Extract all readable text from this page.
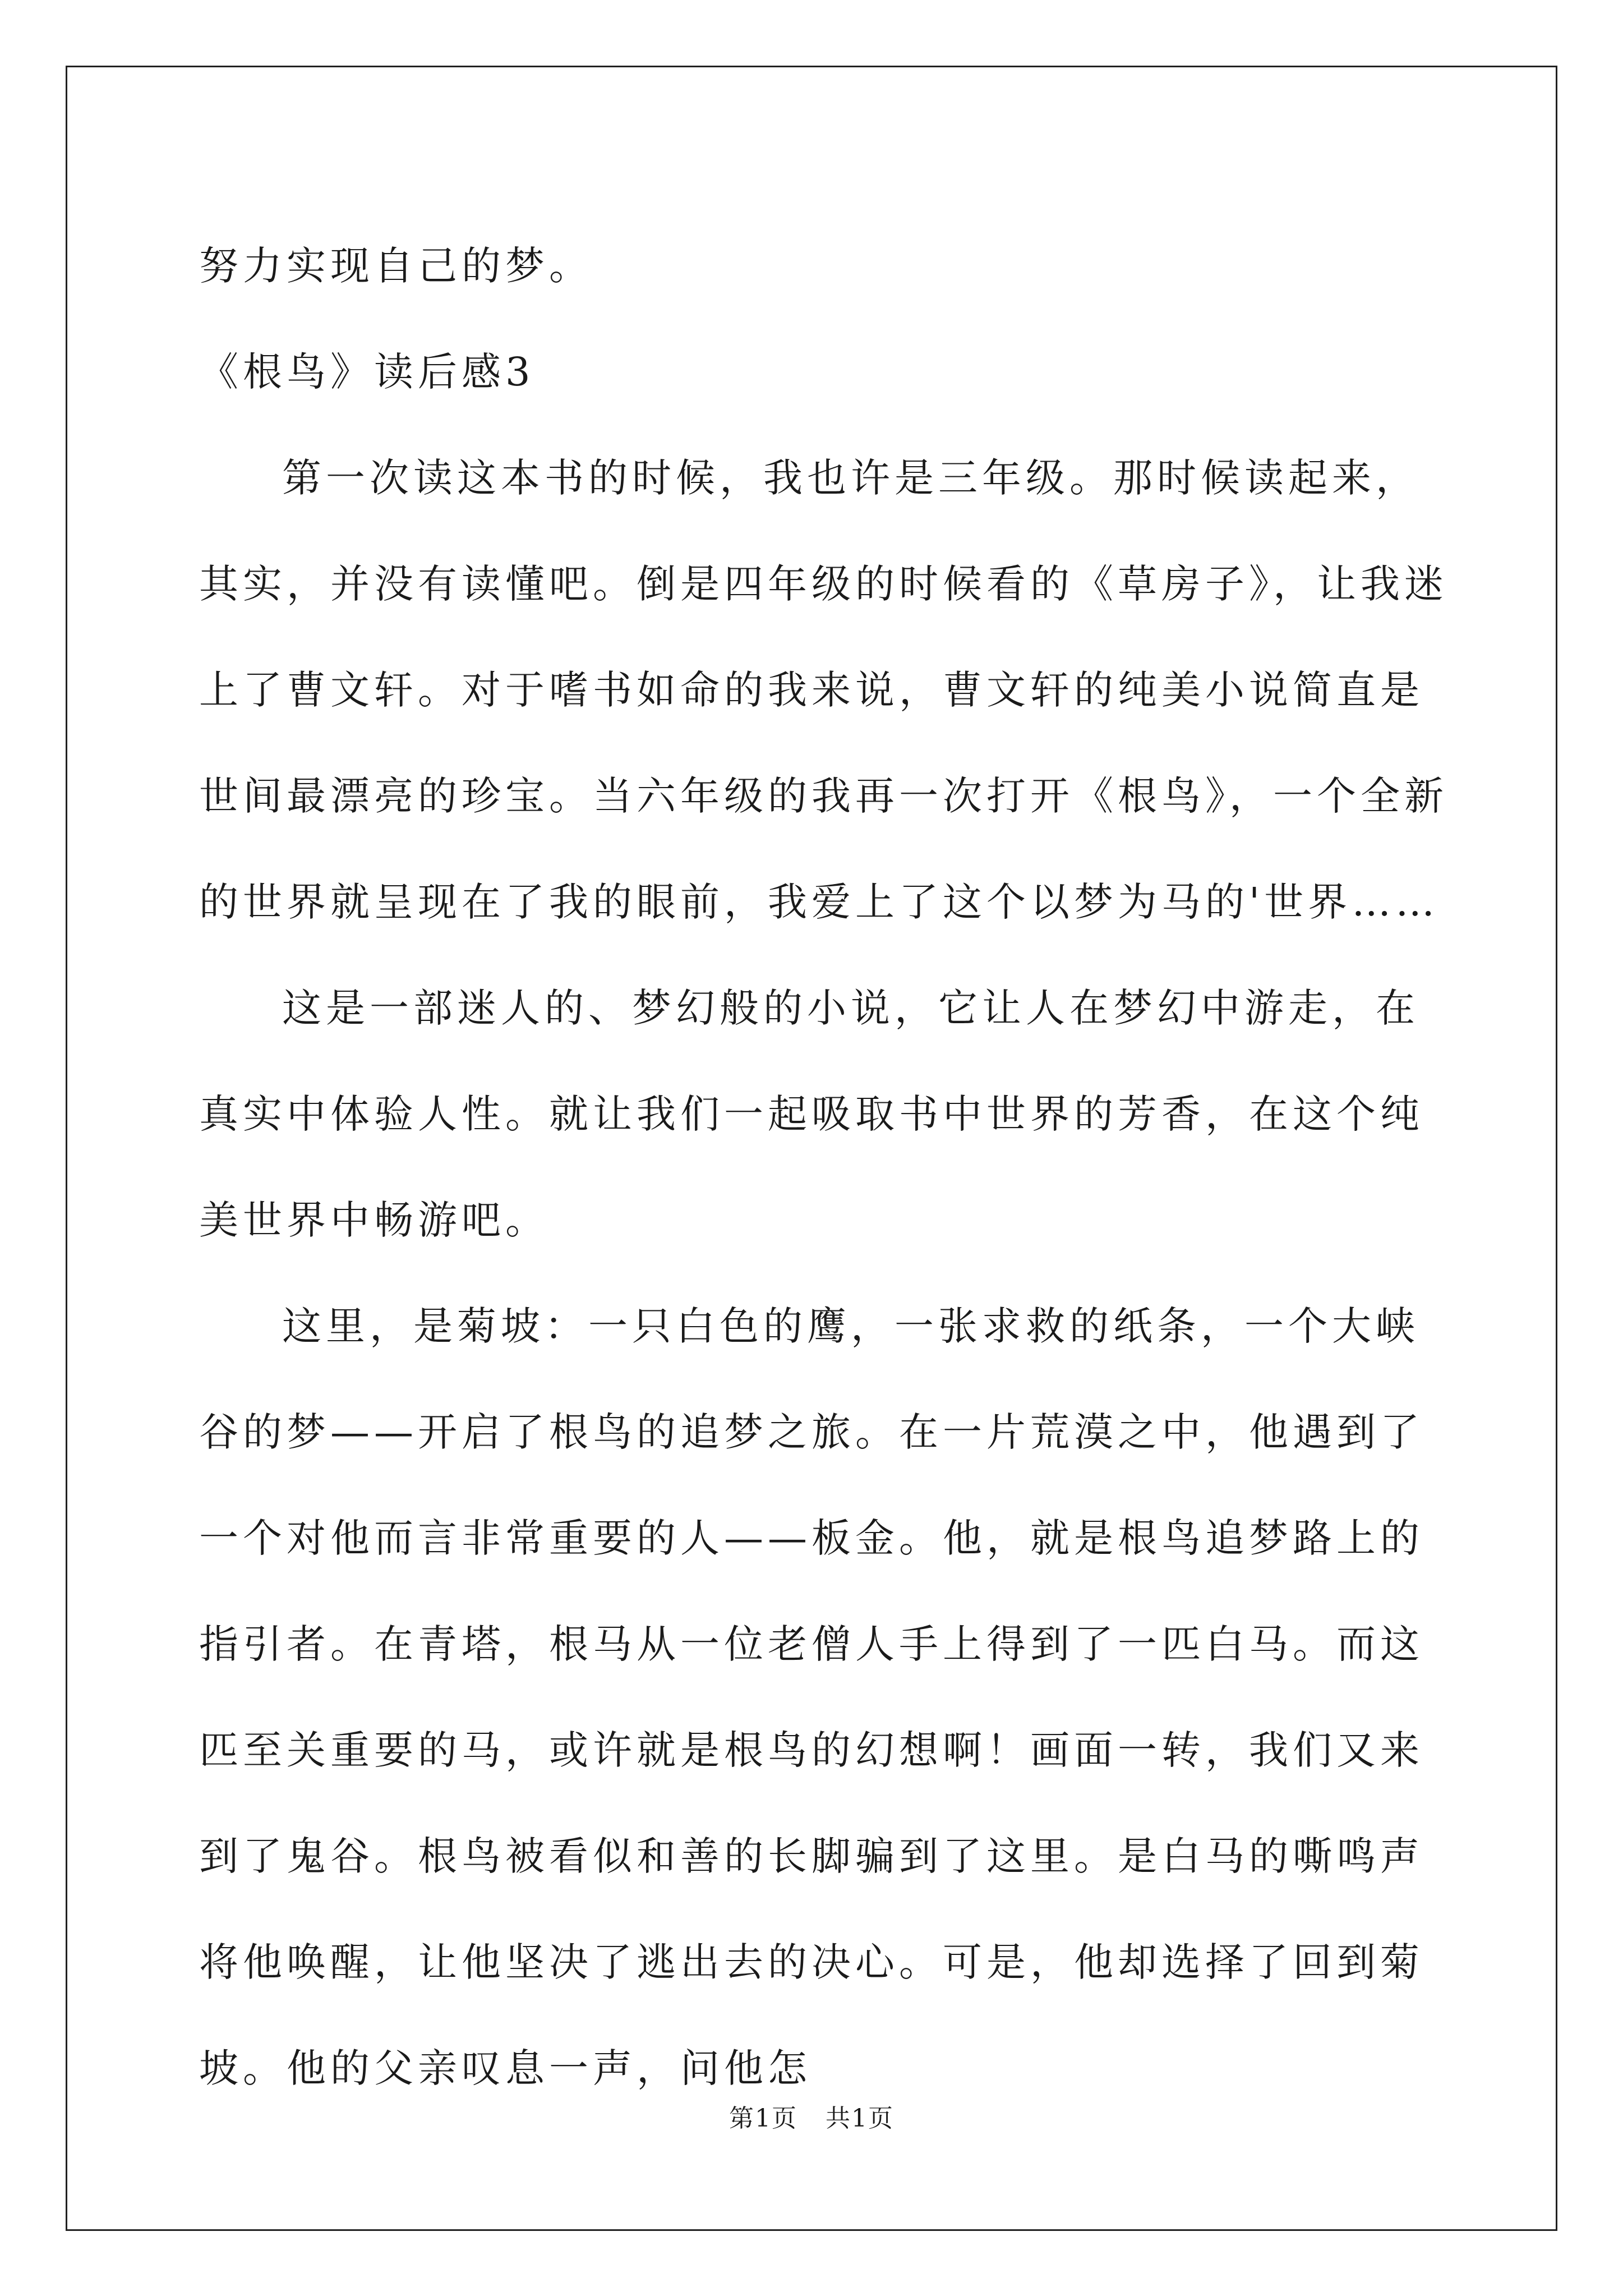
努力实现自己的梦。

《根鸟》读后感3

第一次读这本书的时候，我也许是三年级。那时候读起来，其实，并没有读懂吧。倒是四年级的时候看的《草房子》，让我迷上了曹文轩。对于嗜书如命的我来说，曹文轩的纯美小说简直是世间最漂亮的珍宝。当六年级的我再一次打开《根鸟》，一个全新的世界就呈现在了我的眼前，我爱上了这个以梦为马的'世界……

这是一部迷人的、梦幻般的小说，它让人在梦幻中游走，在真实中体验人性。就让我们一起吸取书中世界的芳香，在这个纯美世界中畅游吧。

这里，是菊坡：一只白色的鹰，一张求救的纸条，一个大峡谷的梦——开启了根鸟的追梦之旅。在一片荒漠之中，他遇到了一个对他而言非常重要的人——板金。他，就是根鸟追梦路上的指引者。在青塔，根马从一位老僧人手上得到了一匹白马。而这匹至关重要的马，或许就是根鸟的幻想啊！画面一转，我们又来到了鬼谷。根鸟被看似和善的长脚骗到了这里。是白马的嘶鸣声将他唤醒，让他坚决了逃出去的决心。可是，他却选择了回到菊坡。他的父亲叹息一声，问他怎

第1页 共1页
